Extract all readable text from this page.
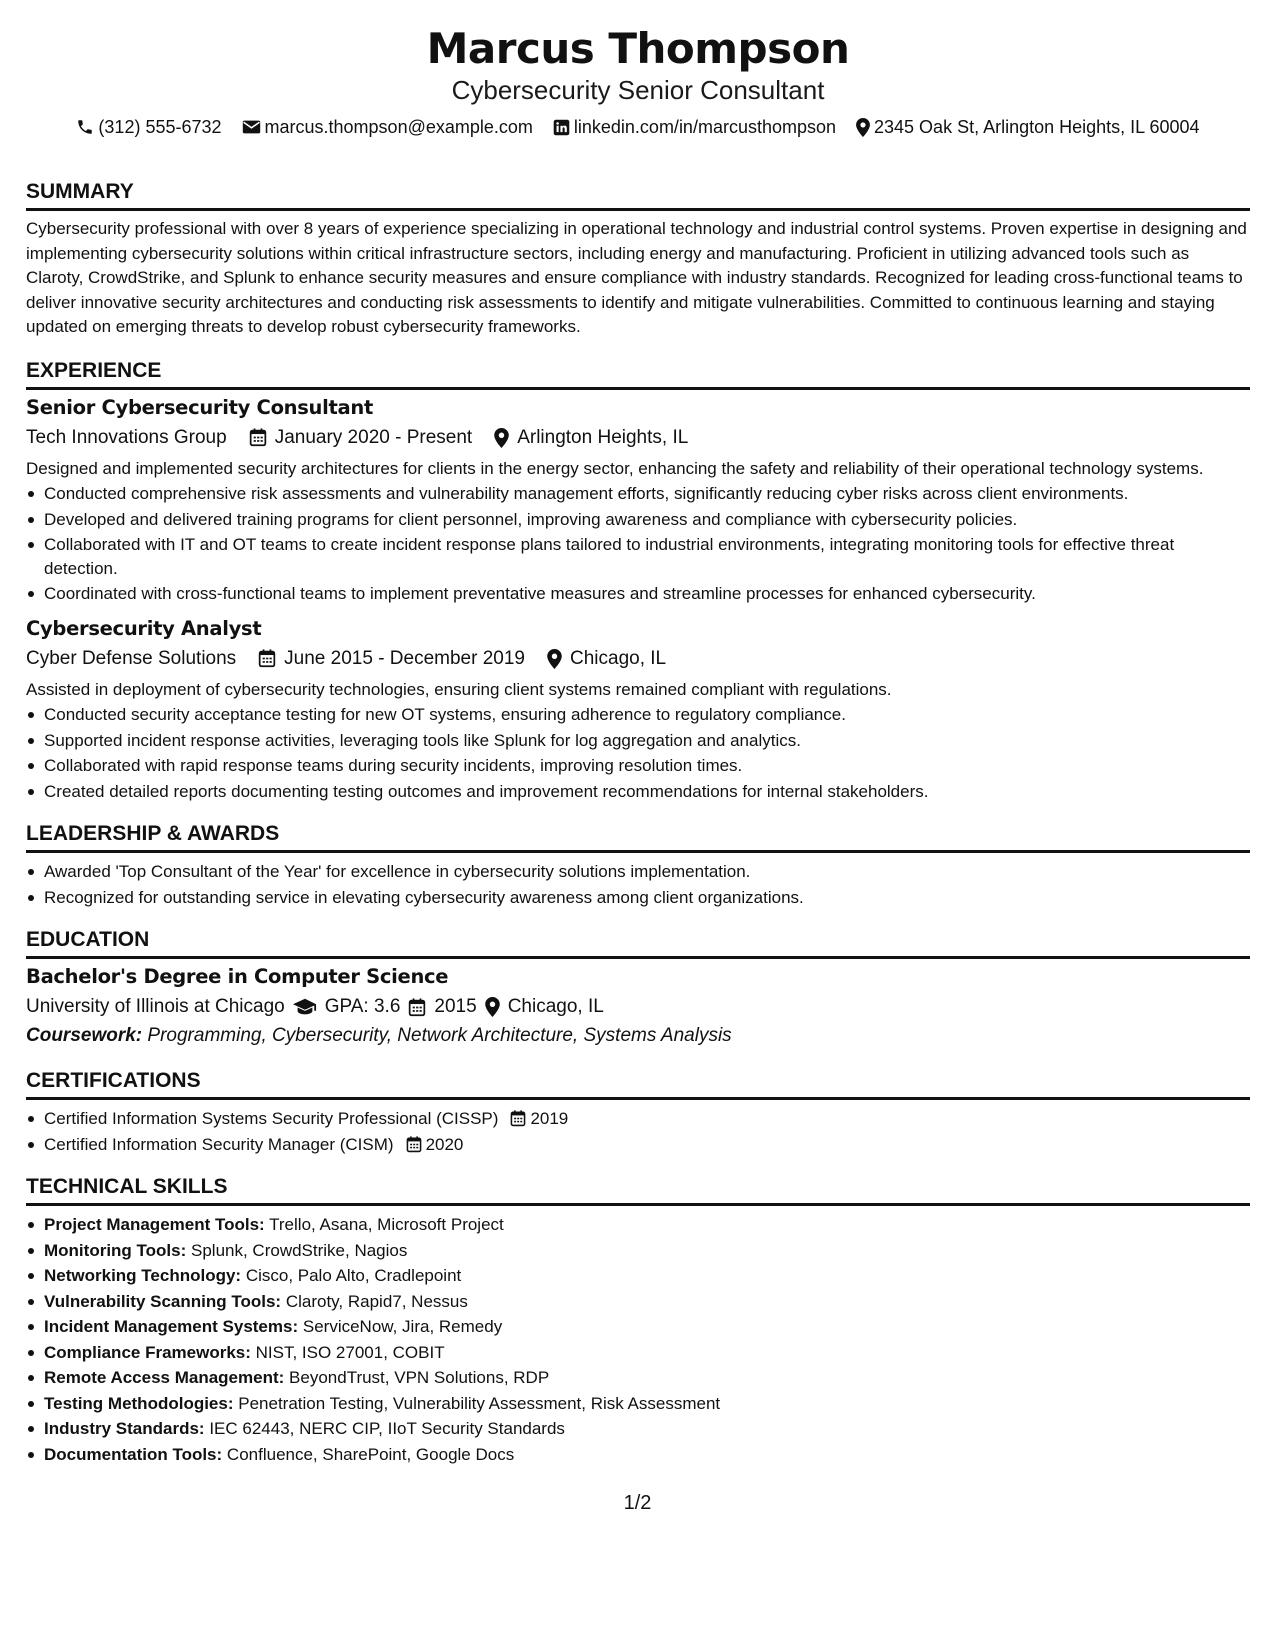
Marcus Thompson
Cybersecurity Senior Consultant
(312) 555-6732 marcus.thompson@example.com linkedin.com/in/marcusthompson 2345 Oak St, Arlington Heights, IL 60004
SUMMARY
Cybersecurity professional with over 8 years of experience specializing in operational technology and industrial control systems. Proven expertise in designing and implementing cybersecurity solutions within critical infrastructure sectors, including energy and manufacturing. Proficient in utilizing advanced tools such as Claroty, CrowdStrike, and Splunk to enhance security measures and ensure compliance with industry standards. Recognized for leading cross-functional teams to deliver innovative security architectures and conducting risk assessments to identify and mitigate vulnerabilities. Committed to continuous learning and staying updated on emerging threats to develop robust cybersecurity frameworks.
EXPERIENCE
Senior Cybersecurity Consultant
Tech Innovations Group	January 2020 - Present Arlington Heights, IL
Designed and implemented security architectures for clients in the energy sector, enhancing the safety and reliability of their operational technology systems.
Conducted comprehensive risk assessments and vulnerability management efforts, significantly reducing cyber risks across client environments.
Developed and delivered training programs for client personnel, improving awareness and compliance with cybersecurity policies.
Collaborated with IT and OT teams to create incident response plans tailored to industrial environments, integrating monitoring tools for effective threat detection.
Coordinated with cross-functional teams to implement preventative measures and streamline processes for enhanced cybersecurity.
Cybersecurity Analyst
Cyber Defense Solutions	June 2015 - December 2019 Chicago, IL
Assisted in deployment of cybersecurity technologies, ensuring client systems remained compliant with regulations.
Conducted security acceptance testing for new OT systems, ensuring adherence to regulatory compliance.
Supported incident response activities, leveraging tools like Splunk for log aggregation and analytics.
Collaborated with rapid response teams during security incidents, improving resolution times.
Created detailed reports documenting testing outcomes and improvement recommendations for internal stakeholders.
LEADERSHIP & AWARDS
Awarded 'Top Consultant of the Year' for excellence in cybersecurity solutions implementation.
Recognized for outstanding service in elevating cybersecurity awareness among client organizations.
EDUCATION
Bachelor's Degree in Computer Science
University of Illinois at Chicago GPA: 3.6 2015 Chicago, IL
Coursework: Programming, Cybersecurity, Network Architecture, Systems Analysis
CERTIFICATIONS
Certified Information Systems Security Professional (CISSP) 2019
Certified Information Security Manager (CISM) 2020
TECHNICAL SKILLS
Project Management Tools: Trello, Asana, Microsoft Project
Monitoring Tools: Splunk, CrowdStrike, Nagios
Networking Technology: Cisco, Palo Alto, Cradlepoint
Vulnerability Scanning Tools: Claroty, Rapid7, Nessus
Incident Management Systems: ServiceNow, Jira, Remedy
Compliance Frameworks: NIST, ISO 27001, COBIT
Remote Access Management: BeyondTrust, VPN Solutions, RDP
Testing Methodologies: Penetration Testing, Vulnerability Assessment, Risk Assessment
Industry Standards: IEC 62443, NERC CIP, IIoT Security Standards
Documentation Tools: Confluence, SharePoint, Google Docs
1/2
